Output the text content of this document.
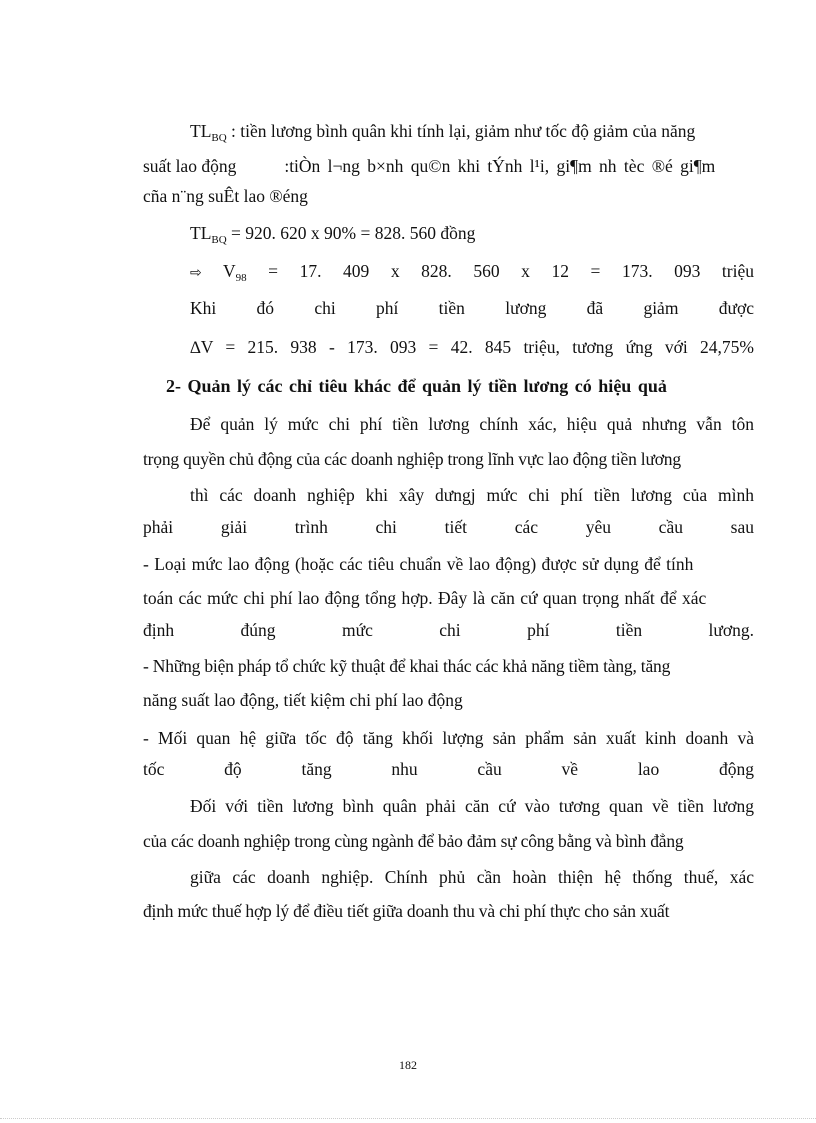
$TL_{BQ}$ : tiền lương bình quân khi tính lại, giảm như tốc độ giảm của năng
suất lao động	:tiÒn l¬ng b×nh qu©n khi tÝnh l¹i, gi¶m nh tèc ®é gi¶m
cña n¨ng suÊt lao ®éng
$TL_{BQ} = 920$. 620 x 90% = 828. 560 đồng
⇨ $V_{98} = 17$. 409 x 828. 560 x 12 = 173. 093 triệu
Khi đó chi phí tiền lương đã giảm được
∆V = 215. 938 - 173. 093 = 42. 845 triệu, tương ứng với 24,75%
2- Quản lý các chỉ tiêu khác để quản lý tiền lương có hiệu quả
Để quản lý mức chi phí tiền lương chính xác, hiệu quả nhưng vẫn tôn
trọng quyền chủ động của các doanh nghiệp trong lĩnh vực lao động tiền lương
thì các doanh nghiệp khi xây dưngj mức chi phí tiền lương của mình
phải giải trình chi tiết các yêu cầu sau
- Loại mức lao động (hoặc các tiêu chuẩn về lao động) được sử dụng để tính
toán các mức chi phí lao động tổng hợp. Đây là căn cứ quan trọng nhất để xác
định đúng mức chi phí tiền lương.
- Những biện pháp tổ chức kỹ thuật để khai thác các khả năng tiềm tàng, tăng
năng suất lao động, tiết kiệm chi phí lao động
- Mối quan hệ giữa tốc độ tăng khối lượng sản phẩm sản xuất kinh doanh và
tốc độ tăng nhu cầu về lao động
Đối với tiền lương bình quân phải căn cứ vào tương quan về tiền lương
của các doanh nghiệp trong cùng ngành để bảo đảm sự công bằng và bình đẳng
giữa các doanh nghiệp. Chính phủ cần hoàn thiện hệ thống thuế, xác
định mức thuế hợp lý để điều tiết giữa doanh thu và chi phí thực cho sản xuất
182
